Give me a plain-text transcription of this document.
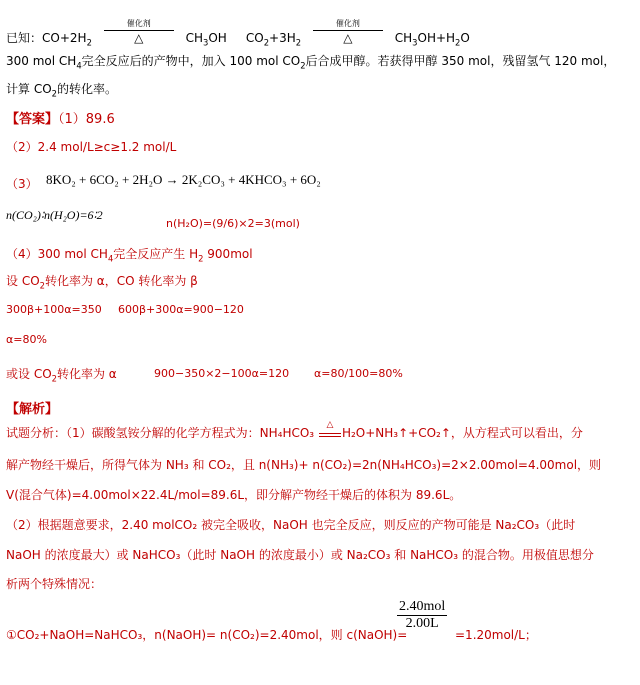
已知：$CO+2H_2$
催化剂
△	$CH_3OH$ $CO_2+3H_2$
催化剂
△	$CH_3OH+H_2O$
300 mol $CH_4$完全反应后的产物中，加入 100 mol $CO_2$后合成甲醇。若获得甲醇 350 mol，残留氢气 120 mol，
计算 $CO_2$的转化率。
【答案】（1）89.6
（2）2.4 mol/L≥c≥1.2 mol/L
（3） 8KO₂ + 6CO₂ + 2H₂O → 2K₂CO₃ + 4KHCO₃ + 6O₂
n(CO₂)∶n(H₂O)=6∶2
n(H₂O)=(9/6)×2=3(mol)
（4）300 mol $CH_4$完全反应产生 $H_2$ 900mol
设 $CO_2$转化率为 α，CO 转化率为 β
300β+100α=350 600β+300α=900−120
α=80%
或设 $CO_2$转化率为 α	900−350×2−100α=120 α=80/100=80%
【解析】
试题分析：（1）碳酸氢铵分解的化学方程式为：NH₄HCO₃
△
H₂O+NH₃↑+CO₂↑，从方程式可以看出，分
解产物经干燥后，所得气体为 NH₃ 和 CO₂，且 n(NH₃)+ n(CO₂)=2n(NH₄HCO₃)=2×2.00mol=4.00mol，则
V(混合气体)=4.00mol×22.4L/mol=89.6L，即分解产物经干燥后的体积为 89.6L。
（2）根据题意要求，2.40 molCO₂ 被完全吸收，NaOH 也完全反应，则反应的产物可能是 Na₂CO₃（此时
NaOH 的浓度最大）或 NaHCO₃（此时 NaOH 的浓度最小）或 Na₂CO₃ 和 NaHCO₃ 的混合物。用极值思想分
析两个特殊情况：
①CO₂+NaOH=NaHCO₃，n(NaOH)= n(CO₂)=2.40mol，则 c(NaOH)=
$\frac{\text{2.40mol}}{2.00L}$
=1.20mol/L；
